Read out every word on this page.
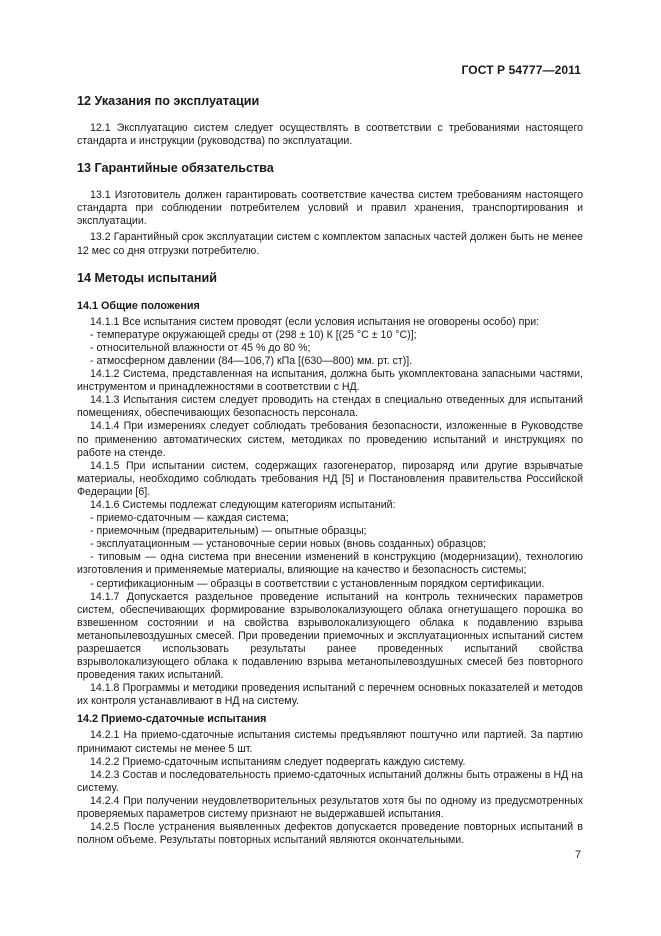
ГОСТ Р 54777—2011
12 Указания по эксплуатации

12.1 Эксплуатацию систем следует осуществлять в соответствии с требованиями настоящего стандарта и инструкции (руководства) по эксплуатации.

13 Гарантийные обязательства

13.1 Изготовитель должен гарантировать соответствие качества систем требованиям настоящего стандарта при соблюдении потребителем условий и правил хранения, транспортирования и эксплуатации.

13.2 Гарантийный срок эксплуатации систем с комплектом запасных частей должен быть не менее 12 мес со дня отгрузки потребителю.

14 Методы испытаний
14.1 Общие положения

14.1.1 Все испытания систем проводят (если условия испытания не оговорены особо) при:

- температуре окружающей среды от (298 ± 10) К [(25 °С ± 10 °С)];

- относительной влажности от 45 % до 80 %;

- атмосферном давлении (84—106,7) кПа [(630—800) мм. рт. ст)].

14.1.2 Система, представленная на испытания, должна быть укомплектована запасными частями, инструментом и принадлежностями в соответствии с НД.

14.1.3 Испытания систем следует проводить на стендах в специально отведенных для испытаний помещениях, обеспечивающих безопасность персонала.

14.1.4 При измерениях следует соблюдать требования безопасности, изложенные в Руководстве по применению автоматических систем, методиках по проведению испытаний и инструкциях по работе на стенде.

14.1.5 При испытании систем, содержащих газогенератор, пирозаряд или другие взрывчатые материалы, необходимо соблюдать требования НД [5] и Постановления правительства Российской Федерации [6].

14.1.6 Системы подлежат следующим категориям испытаний:

- приемо-сдаточным — каждая система;

- приемочным (предварительным) — опытные образцы;

- эксплуатационным — установочные серии новых (вновь созданных) образцов;

- типовым — одна система при внесении изменений в конструкцию (модернизации), технологию изготовления и применяемые материалы, влияющие на качество и безопасность системы;

- сертификационным — образцы в соответствии с установленным порядком сертификации.

14.1.7 Допускается раздельное проведение испытаний на контроль технических параметров систем, обеспечивающих формирование взрыволокализующего облака огнетушащего порошка во взвешенном состоянии и на свойства взрыволокализующего облака к подавлению взрыва метанопылевоздушных смесей. При проведении приемочных и эксплуатационных испытаний систем разрешается использовать результаты ранее проведенных испытаний свойства взрыволокализующего облака к подавлению взрыва метанопылевоздушных смесей без повторного проведения таких испытаний.

14.1.8 Программы и методики проведения испытаний с перечнем основных показателей и методов их контроля устанавливают в НД на систему.

14.2 Приемо-сдаточные испытания

14.2.1 На приемо-сдаточные испытания системы предъявляют поштучно или партией. За партию принимают системы не менее 5 шт.

14.2.2 Приемо-сдаточным испытаниям следует подвергать каждую систему.

14.2.3 Состав и последовательность приемо-сдаточных испытаний должны быть отражены в НД на систему.

14.2.4 При получении неудовлетворительных результатов хотя бы по одному из предусмотренных проверяемых параметров систему признают не выдержавшей испытания.

14.2.5 После устранения выявленных дефектов допускается проведение повторных испытаний в полном объеме. Результаты повторных испытаний являются окончательными.

7
